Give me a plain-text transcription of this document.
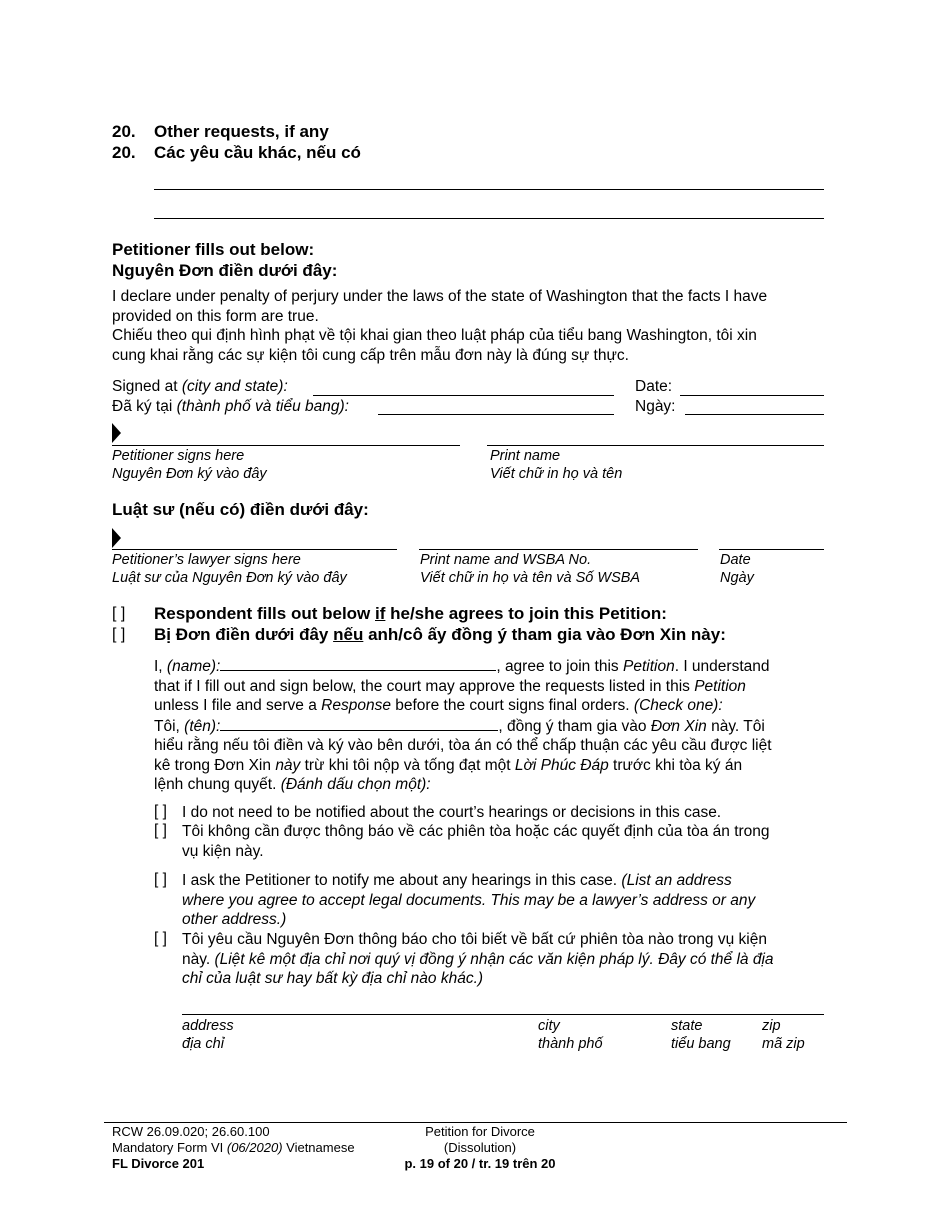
20. Other requests, if any
20. Các yêu cầu khác, nếu có
Petitioner fills out below:
Nguyên Đơn điền dưới đây:
I declare under penalty of perjury under the laws of the state of Washington that the facts I have
provided on this form are true.
Chiếu theo qui định hình phạt về tội khai gian theo luật pháp của tiểu bang Washington, tôi xin
cung khai rằng các sự kiện tôi cung cấp trên mẫu đơn này là đúng sự thực.
Signed at (city and state):
Đã ký tại (thành phố và tiểu bang):
Date:
Ngày:
Petitioner signs here
Nguyên Đơn ký vào đây
Print name
Viết chữ in họ và tên
Luật sư (nếu có) điền dưới đây:
Petitioner’s lawyer signs here
Luật sư của Nguyên Đơn ký vào đây
Print name and WSBA No.
Viết chữ in họ và tên và Số WSBA
Date
Ngày
[ ] Respondent fills out below if he/she agrees to join this Petition:
[ ] Bị Đơn điền dưới đây nếu anh/cô ấy đồng ý tham gia vào Đơn Xin này:
I, (name):	, agree to join this Petition. I understand
that if I fill out and sign below, the court may approve the requests listed in this Petition
unless I file and serve a Response before the court signs final orders. (Check one):
Tôi, (tên):	, đồng ý tham gia vào Đơn Xin này. Tôi
hiểu rằng nếu tôi điền và ký vào bên dưới, tòa án có thể chấp thuận các yêu cầu được liệt
kê trong Đơn Xin này trừ khi tôi nộp và tống đạt một Lời Phúc Đáp trước khi tòa ký án
lệnh chung quyết. (Đánh dấu chọn một):
[ ] I do not need to be notified about the court’s hearings or decisions in this case.
[ ] Tôi không cần được thông báo về các phiên tòa hoặc các quyết định của tòa án trong
vụ kiện này.
[ ] I ask the Petitioner to notify me about any hearings in this case. (List an address
where you agree to accept legal documents. This may be a lawyer’s address or any
other address.)
[ ] Tôi yêu cầu Nguyên Đơn thông báo cho tôi biết về bất cứ phiên tòa nào trong vụ kiện
này. (Liệt kê một địa chỉ nơi quý vị đồng ý nhận các văn kiện pháp lý. Đây có thể là địa
chỉ của luật sư hay bất kỳ địa chỉ nào khác.)
address
địa chỉ
city
thành phố
state
tiểu bang
zip
mã zip
RCW 26.09.020; 26.60.100
Mandatory Form VI (06/2020) Vietnamese
FL Divorce 201
Petition for Divorce
(Dissolution)
p. 19 of 20 / tr. 19 trên 20
